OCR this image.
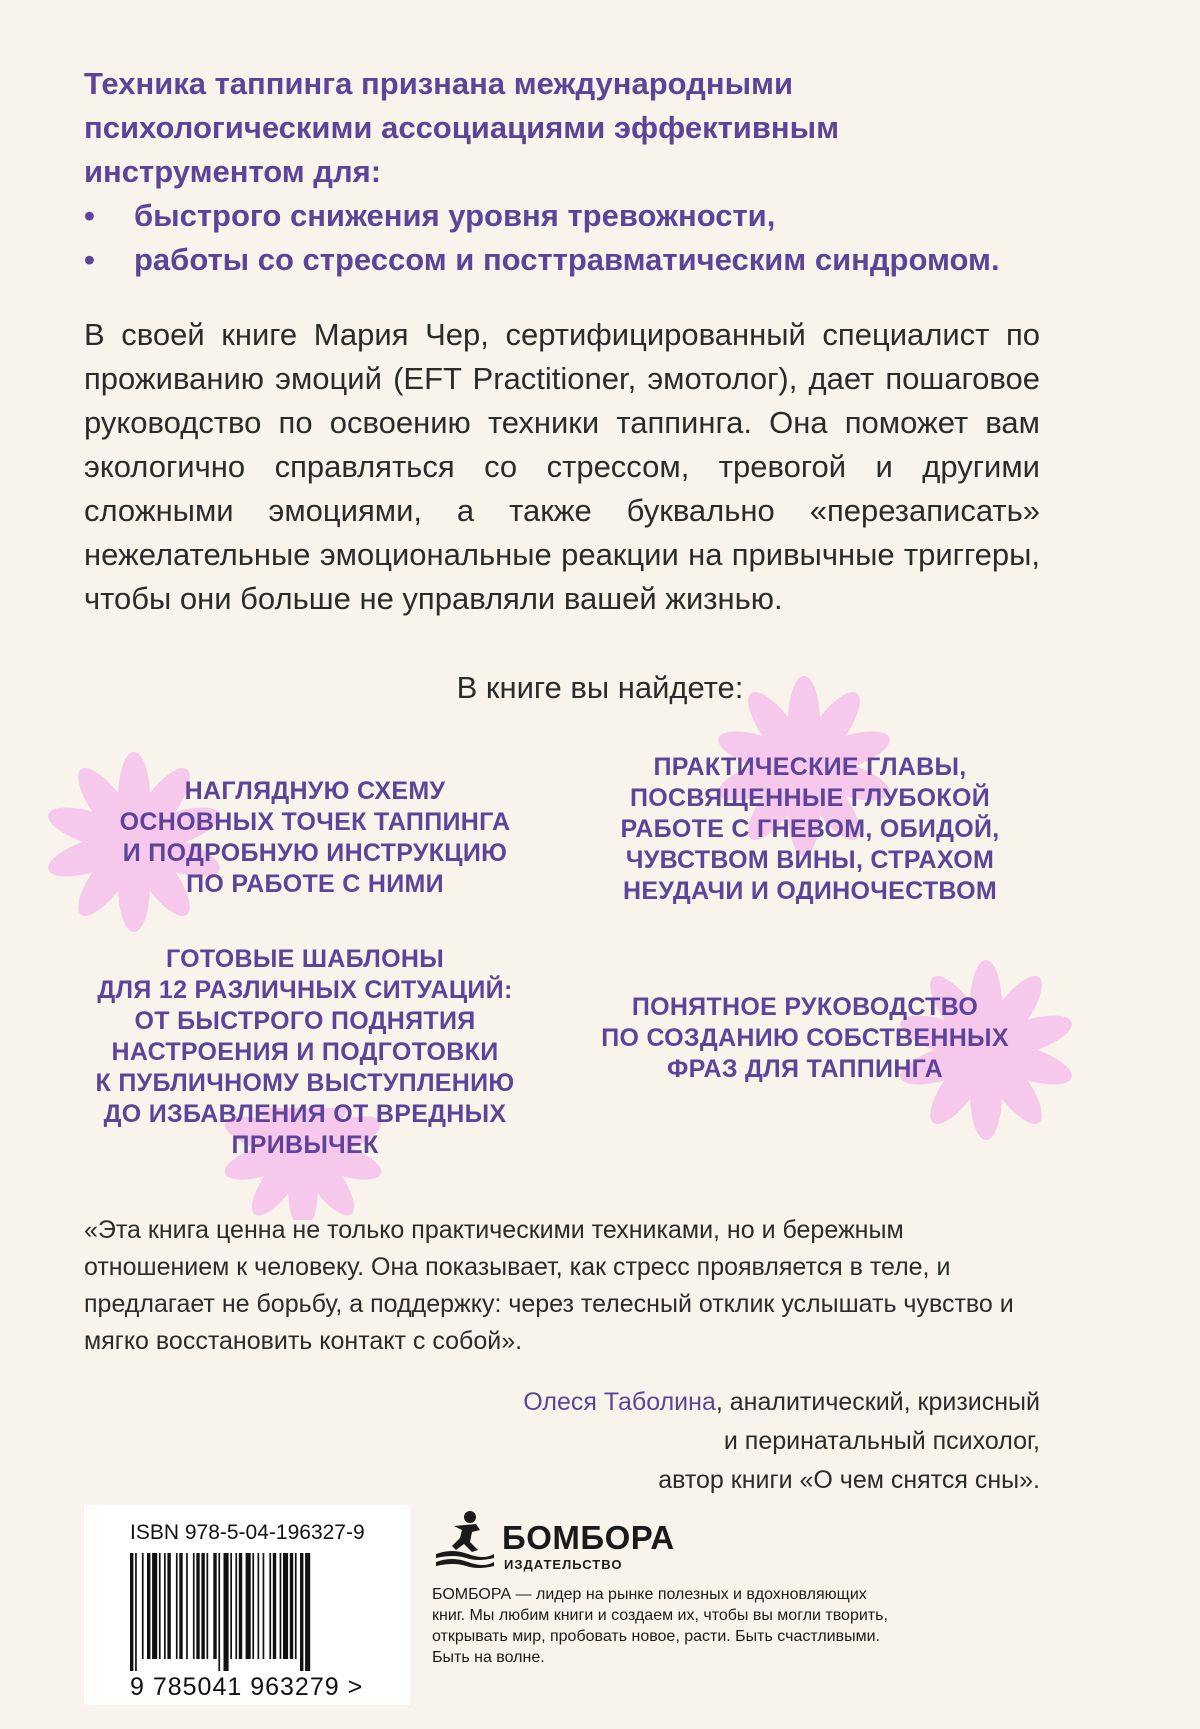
Техника таппинга признана международными психологическими ассоциациями эффективным инструментом для:

• быстрого снижения уровня тревожности,
• работы со стрессом и посттравматическим синдромом.

В своей книге Мария Чер, сертифицированный специалист по проживанию эмоций (EFT Practitioner, эмотолог), дает пошаговое руководство по освоению техники таппинга. Она поможет вам экологично справляться со стрессом, тревогой и другими сложными эмоциями, а также буквально «перезаписать» нежелательные эмоциональные реакции на привычные триггеры, чтобы они больше не управляли вашей жизнью.

В книге вы найдете:

НАГЛЯДНУЮ СХЕМУ
ОСНОВНЫХ ТОЧЕК ТАППИНГА
И ПОДРОБНУЮ ИНСТРУКЦИЮ
ПО РАБОТЕ С НИМИ

ПРАКТИЧЕСКИЕ ГЛАВЫ,
ПОСВЯЩЕННЫЕ ГЛУБОКОЙ
РАБОТЕ С ГНЕВОМ, ОБИДОЙ,
ЧУВСТВОМ ВИНЫ, СТРАХОМ
НЕУДАЧИ И ОДИНОЧЕСТВОМ

ГОТОВЫЕ ШАБЛОНЫ
ДЛЯ 12 РАЗЛИЧНЫХ СИТУАЦИЙ:
ОТ БЫСТРОГО ПОДНЯТИЯ
НАСТРОЕНИЯ И ПОДГОТОВКИ
К ПУБЛИЧНОМУ ВЫСТУПЛЕНИЮ
ДО ИЗБАВЛЕНИЯ ОТ ВРЕДНЫХ
ПРИВЫЧЕК

ПОНЯТНОЕ РУКОВОДСТВО
ПО СОЗДАНИЮ СОБСТВЕННЫХ
ФРАЗ ДЛЯ ТАППИНГА

«Эта книга ценна не только практическими техниками, но и бережным отношением к человеку. Она показывает, как стресс проявляется в теле, и предлагает не борьбу, а поддержку: через телесный отклик услышать чувство и мягко восстановить контакт с собой».

Олеся Таболина, аналитический, кризисный
и перинатальный психолог,
автор книги «О чем снятся сны».
ISBN 978-5-04-196327-9
9 785041 963279 >
БОМБОРА
ИЗДАТЕЛЬСТВО

БОМБОРА — лидер на рынке полезных и вдохновляющих книг. Мы любим книги и создаем их, чтобы вы могли творить, открывать мир, пробовать новое, расти. Быть счастливыми. Быть на волне.
